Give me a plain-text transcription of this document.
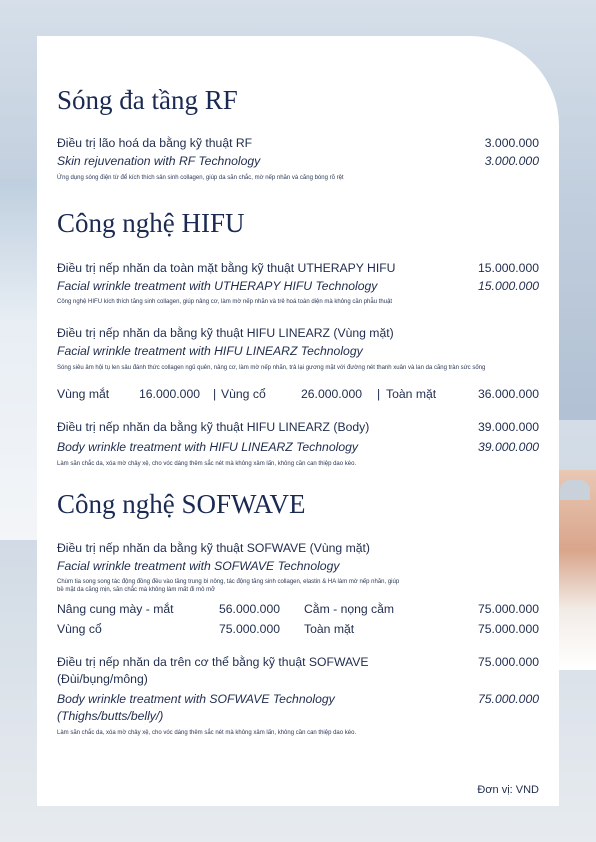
Sóng đa tầng RF
Điều trị lão hoá da bằng kỹ thuật RF	3.000.000
Skin rejuvenation with RF Technology	3.000.000
Ứng dụng sóng điện từ để kích thích sản sinh collagen, giúp da săn chắc, mờ nếp nhăn và căng bóng rõ rệt
Công nghệ HIFU
Điều trị nếp nhăn da toàn mặt bằng kỹ thuật UTHERAPY HIFU	15.000.000
Facial wrinkle treatment with UTHERAPY HIFU Technology	15.000.000
Công nghệ HIFU kích thích tăng sinh collagen, giúp nâng cơ, làm mờ nếp nhăn và trẻ hoá toàn diện mà không cần phẫu thuật
Điều trị nếp nhăn da bằng kỹ thuật HIFU LINEARZ (Vùng mặt)
Facial wrinkle treatment with HIFU LINEARZ Technology
Sóng siêu âm hội tụ len sâu đánh thức collagen ngủ quên, nâng cơ, làm mờ nếp nhăn, trả lại gương mặt với đường nét thanh xuân và lan da căng tràn sức sống
Vùng mắt 16.000.000 | Vùng cổ	26.000.000 | Toàn mặt	36.000.000
Điều trị nếp nhăn da bằng kỹ thuật HIFU LINEARZ (Body)	39.000.000
Body wrinkle treatment with HIFU LINEARZ Technology	39.000.000
Làm săn chắc da, xóa mờ chảy xệ, cho vóc dáng thêm sắc nét mà không xâm lấn, không cần can thiệp dao kéo.
Công nghệ SOFWAVE
Điều trị nếp nhăn da bằng kỹ thuật SOFWAVE (Vùng mặt)
Facial wrinkle treatment with SOFWAVE Technology
Chùm tia song song tác động đồng đều vào tầng trung bì nông, tác động tăng sinh collagen, elastin & HA làm mờ nếp nhăn, giúp
bề mặt da căng mịn, săn chắc mà không làm mất đi mô mỡ
Nâng cung mày - mắt	56.000.000 Cằm - nọng cằm	75.000.000
Vùng cổ	75.000.000 Toàn mặt	75.000.000
Điều trị nếp nhăn da trên cơ thể bằng kỹ thuật SOFWAVE	75.000.000
(Đùi/bụng/mông)
Body wrinkle treatment with SOFWAVE Technology	75.000.000
(Thighs/butts/belly/)
Làm săn chắc da, xóa mờ chảy xệ, cho vóc dáng thêm sắc nét mà không xâm lấn, không cần can thiệp dao kéo.
Đơn vị: VND
